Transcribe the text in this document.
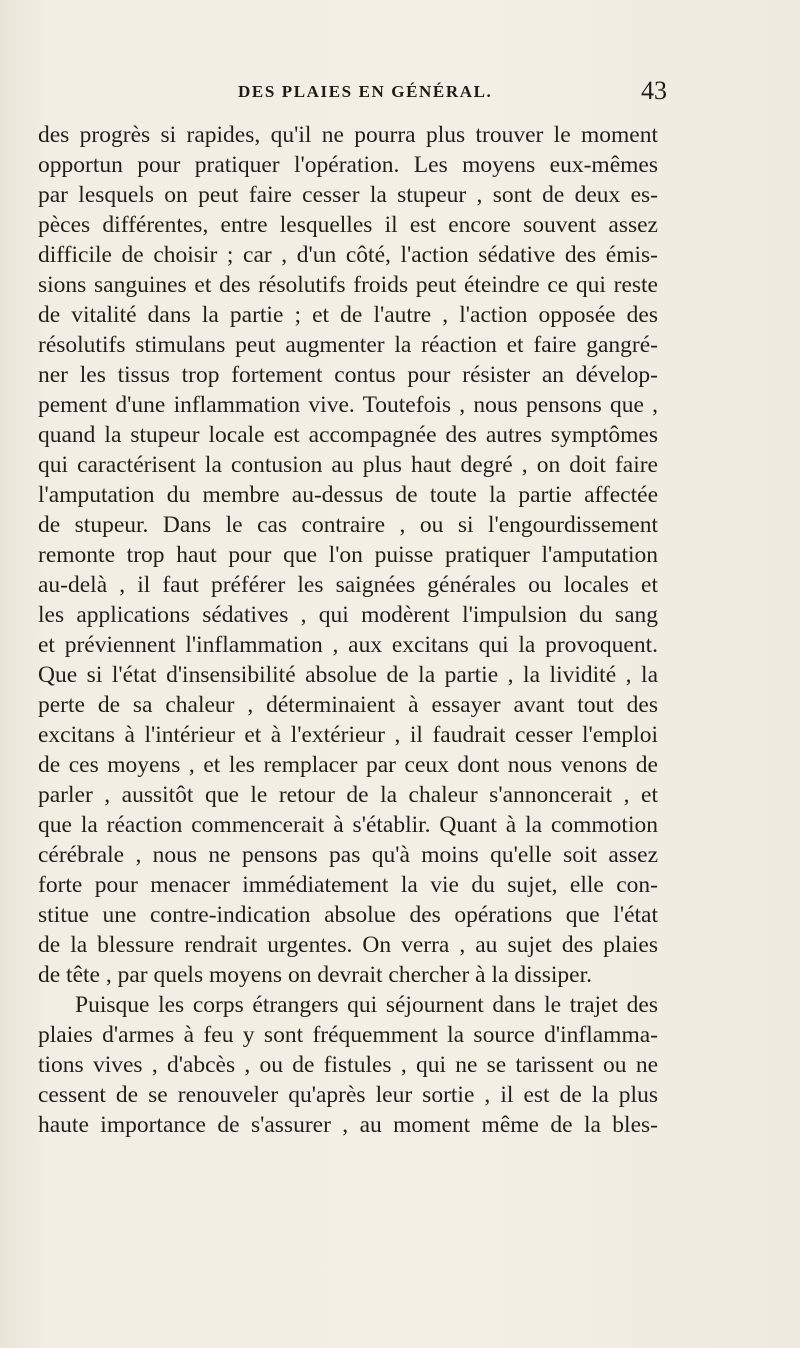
DES PLAIES EN GÉNÉRAL.	43
des progrès si rapides, qu'il ne pourra plus trouver le moment
opportun pour pratiquer l'opération. Les moyens eux-mêmes
par lesquels on peut faire cesser la stupeur , sont de deux es-
pèces différentes, entre lesquelles il est encore souvent assez
difficile de choisir ; car , d'un côté, l'action sédative des émis-
sions sanguines et des résolutifs froids peut éteindre ce qui reste
de vitalité dans la partie ; et de l'autre , l'action opposée des
résolutifs stimulans peut augmenter la réaction et faire gangré-
ner les tissus trop fortement contus pour résister an dévelop-
pement d'une inflammation vive. Toutefois , nous pensons que ,
quand la stupeur locale est accompagnée des autres symptômes
qui caractérisent la contusion au plus haut degré , on doit faire
l'amputation du membre au-dessus de toute la partie affectée
de stupeur. Dans le cas contraire , ou si l'engourdissement
remonte trop haut pour que l'on puisse pratiquer l'amputation
au-delà , il faut préférer les saignées générales ou locales et
les applications sédatives , qui modèrent l'impulsion du sang
et préviennent l'inflammation , aux excitans qui la provoquent.
Que si l'état d'insensibilité absolue de la partie , la lividité , la
perte de sa chaleur , déterminaient à essayer avant tout des
excitans à l'intérieur et à l'extérieur , il faudrait cesser l'emploi
de ces moyens , et les remplacer par ceux dont nous venons de
parler , aussitôt que le retour de la chaleur s'annoncerait , et
que la réaction commencerait à s'établir. Quant à la commotion
cérébrale , nous ne pensons pas qu'à moins qu'elle soit assez
forte pour menacer immédiatement la vie du sujet, elle con-
stitue une contre-indication absolue des opérations que l'état
de la blessure rendrait urgentes. On verra , au sujet des plaies
de tête , par quels moyens on devrait chercher à la dissiper.
Puisque les corps étrangers qui séjournent dans le trajet des
plaies d'armes à feu y sont fréquemment la source d'inflamma-
tions vives , d'abcès , ou de fistules , qui ne se tarissent ou ne
cessent de se renouveler qu'après leur sortie , il est de la plus
haute importance de s'assurer , au moment même de la bles-
